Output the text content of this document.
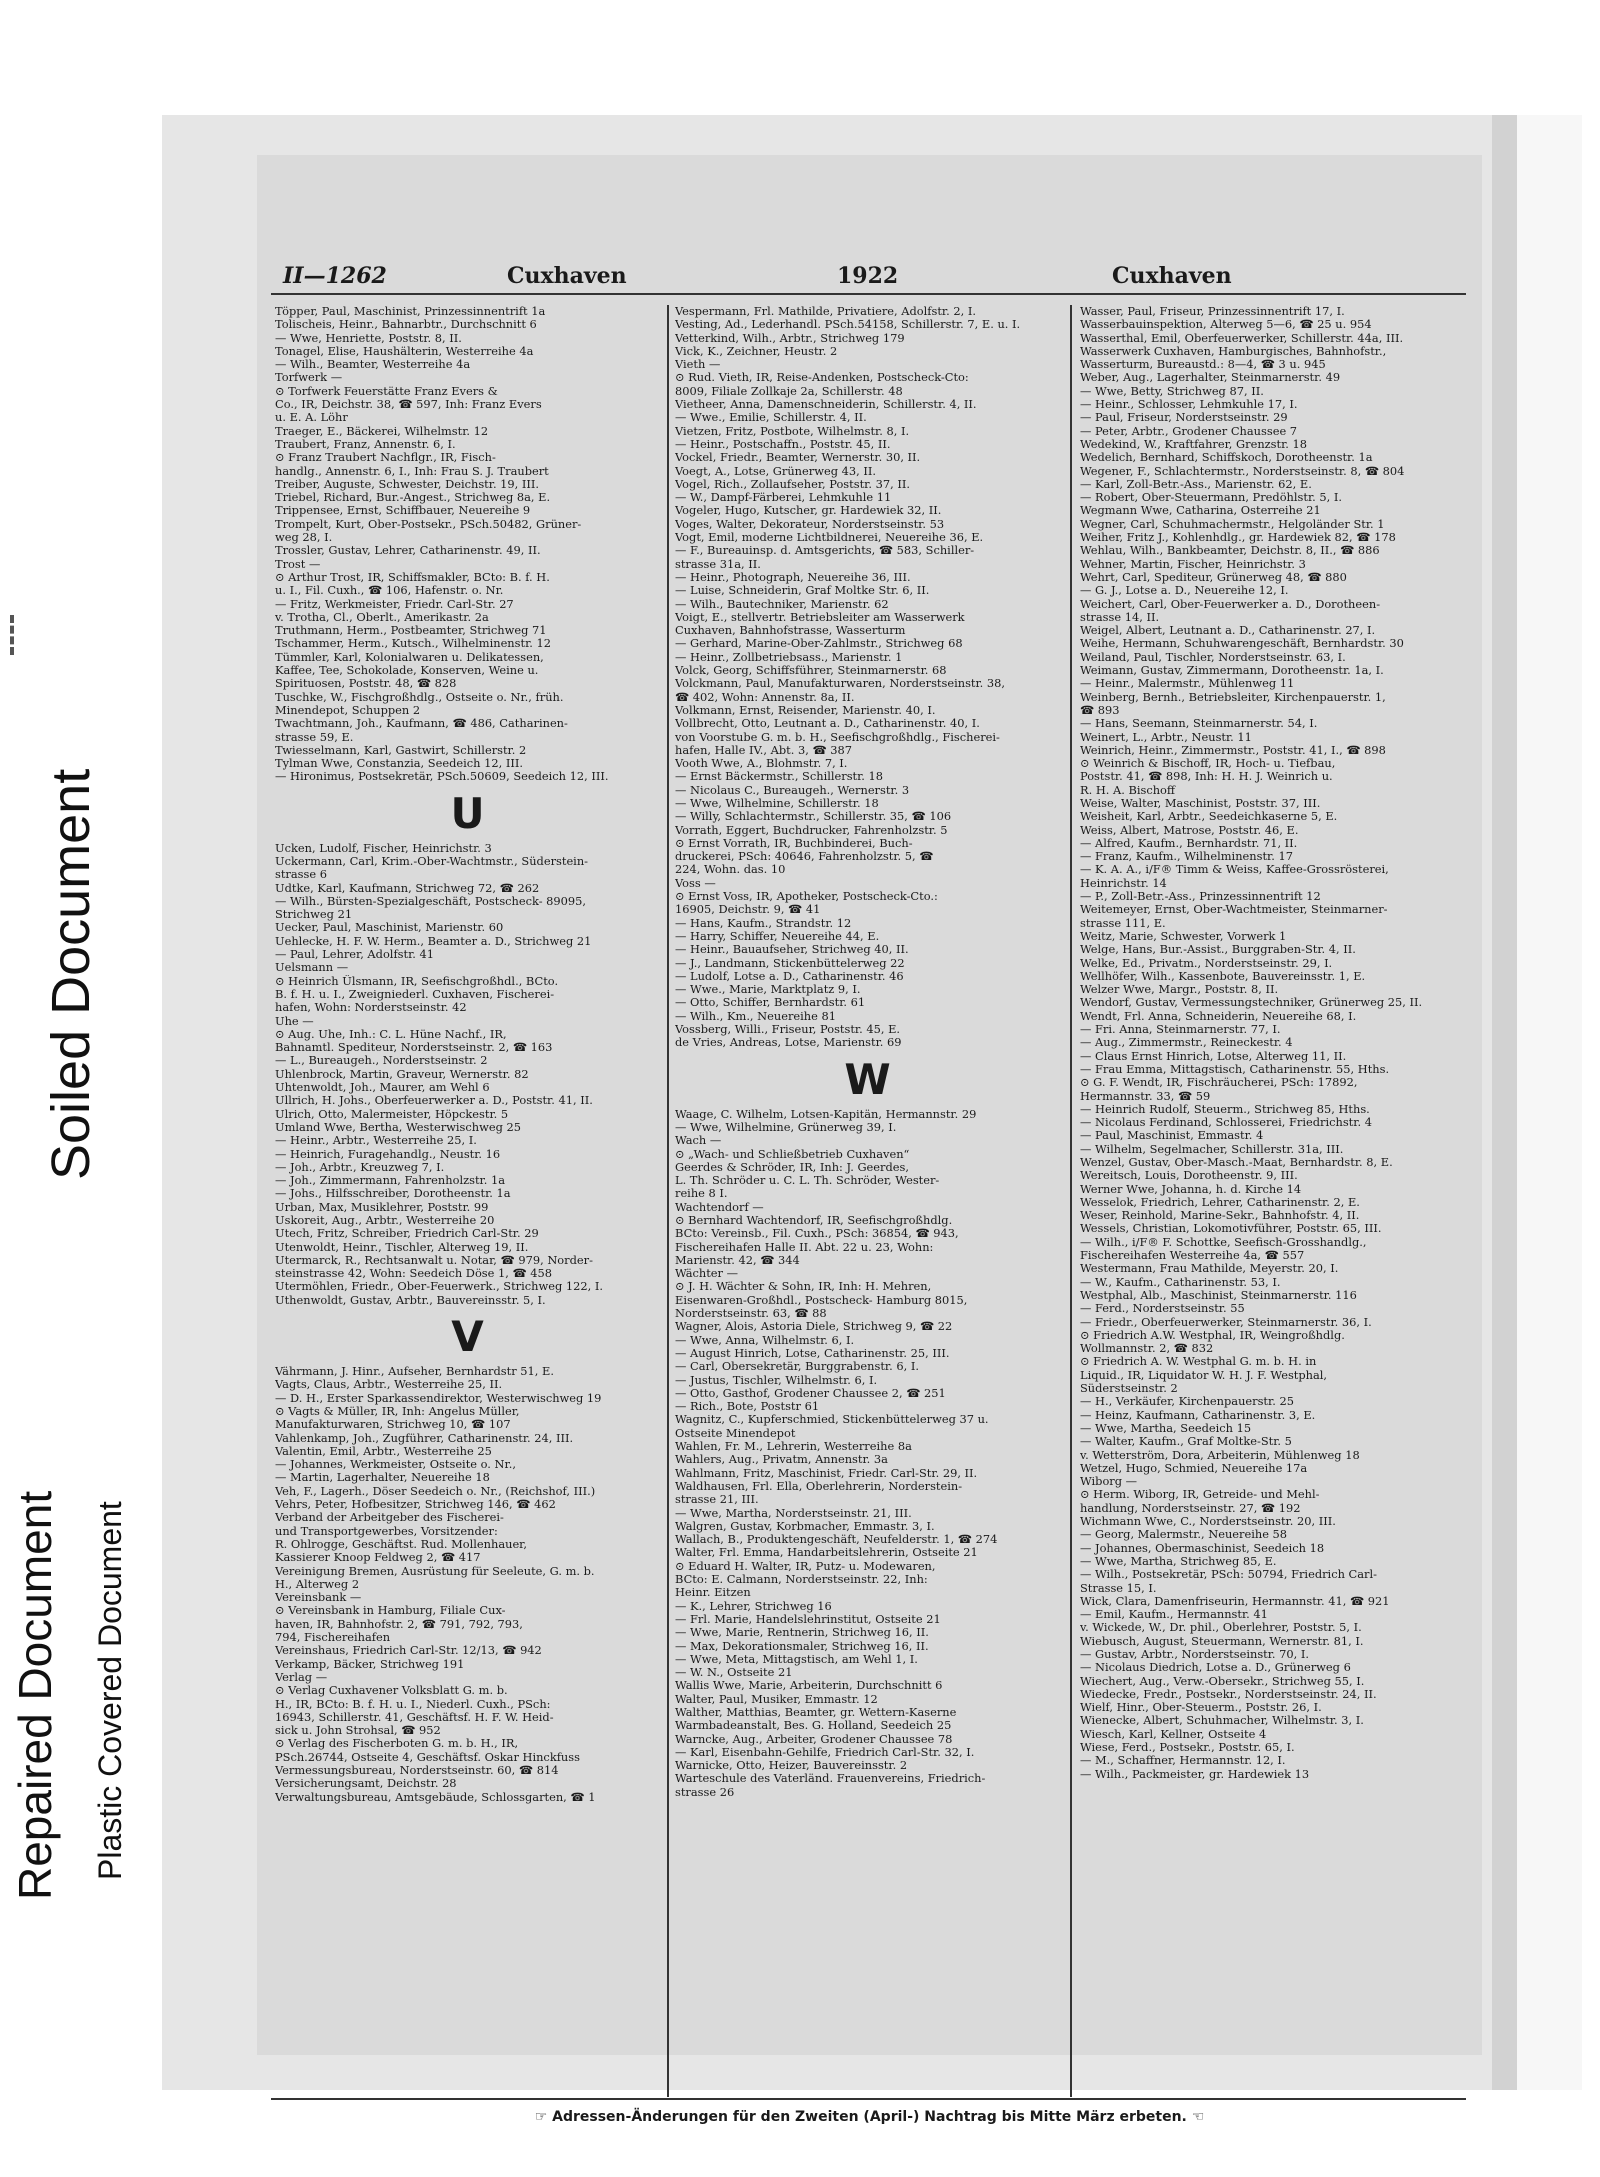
Repaired Document Plastic Covered Document
Soiled Document
II—1262	Cuxhaven	1922	Cuxhaven
Töpper, Paul, Maschinist, Prinzessinnentrift 1a
Tolischeis, Heinr., Bahnarbtr., Durchschnitt 6
— Wwe, Henriette, Poststr. 8, II.
Tonagel, Elise, Haushälterin, Westerreihe 4a
— Wilh., Beamter, Westerreihe 4a
Torfwerk —
⊙ Torfwerk Feuerstätte Franz Evers &
Co., IR, Deichstr. 38, ☎ 597, Inh: Franz Evers
u. E. A. Löhr
Traeger, E., Bäckerei, Wilhelmstr. 12
Traubert, Franz, Annenstr. 6, I.
⊙ Franz Traubert Nachflgr., IR, Fisch-
handlg., Annenstr. 6, I., Inh: Frau S. J. Traubert
Treiber, Auguste, Schwester, Deichstr. 19, III.
Triebel, Richard, Bur.-Angest., Strichweg 8a, E.
Trippensee, Ernst, Schiffbauer, Neuereihe 9
Trompelt, Kurt, Ober-Postsekr., PSch.50482, Grüner-
weg 28, I.
Trossler, Gustav, Lehrer, Catharinenstr. 49, II.
Trost —
⊙ Arthur Trost, IR, Schiffsmakler, BCto: B. f. H.
u. I., Fil. Cuxh., ☎ 106, Hafenstr. o. Nr.
— Fritz, Werkmeister, Friedr. Carl-Str. 27
v. Trotha, Cl., Oberlt., Amerikastr. 2a
Truthmann, Herm., Postbeamter, Strichweg 71
Tschammer, Herm., Kutsch., Wilhelminenstr. 12
Tümmler, Karl, Kolonialwaren u. Delikatessen,
Kaffee, Tee, Schokolade, Konserven, Weine u.
Spirituosen, Poststr. 48, ☎ 828
Tuschke, W., Fischgroßhdlg., Ostseite o. Nr., früh.
Minendepot, Schuppen 2
Twachtmann, Joh., Kaufmann, ☎ 486, Catharinen-
strasse 59, E.
Twiesselmann, Karl, Gastwirt, Schillerstr. 2
Tylman Wwe, Constanzia, Seedeich 12, III.
— Hironimus, Postsekretär, PSch.50609, Seedeich 12, III.
U
Ucken, Ludolf, Fischer, Heinrichstr. 3
Uckermann, Carl, Krim.-Ober-Wachtmstr., Süderstein-
strasse 6
Udtke, Karl, Kaufmann, Strichweg 72, ☎ 262
— Wilh., Bürsten-Spezialgeschäft, Postscheck- 89095,
Strichweg 21
Uecker, Paul, Maschinist, Marienstr. 60
Uehlecke, H. F. W. Herm., Beamter a. D., Strichweg 21
— Paul, Lehrer, Adolfstr. 41
Uelsmann —
⊙ Heinrich Ülsmann, IR, Seefischgroßhdl., BCto.
B. f. H. u. I., Zweigniederl. Cuxhaven, Fischerei-
hafen, Wohn: Norderstseinstr. 42
Uhe —
⊙ Aug. Uhe, Inh.: C. L. Hüne Nachf., IR,
Bahnamtl. Spediteur, Norderstseinstr. 2, ☎ 163
— L., Bureaugeh., Norderstseinstr. 2
Uhlenbrock, Martin, Graveur, Wernerstr. 82
Uhtenwoldt, Joh., Maurer, am Wehl 6
Ullrich, H. Johs., Oberfeuerwerker a. D., Poststr. 41, II.
Ulrich, Otto, Malermeister, Höpckestr. 5
Umland Wwe, Bertha, Westerwischweg 25
— Heinr., Arbtr., Westerreihe 25, I.
— Heinrich, Furagehandlg., Neustr. 16
— Joh., Arbtr., Kreuzweg 7, I.
— Joh., Zimmermann, Fahrenholzstr. 1a
— Johs., Hilfsschreiber, Dorotheenstr. 1a
Urban, Max, Musiklehrer, Poststr. 99
Uskoreit, Aug., Arbtr., Westerreihe 20
Utech, Fritz, Schreiber, Friedrich Carl-Str. 29
Utenwoldt, Heinr., Tischler, Alterweg 19, II.
Utermarck, R., Rechtsanwalt u. Notar, ☎ 979, Norder-
steinstrasse 42, Wohn: Seedeich Döse 1, ☎ 458
Utermöhlen, Friedr., Ober-Feuerwerk., Strichweg 122, I.
Uthenwoldt, Gustav, Arbtr., Bauvereinsstr. 5, I.
V
Vährmann, J. Hinr., Aufseher, Bernhardstr 51, E.
Vagts, Claus, Arbtr., Westerreihe 25, II.
— D. H., Erster Sparkassendirektor, Westerwischweg 19
⊙ Vagts & Müller, IR, Inh: Angelus Müller,
Manufakturwaren, Strichweg 10, ☎ 107
Vahlenkamp, Joh., Zugführer, Catharinenstr. 24, III.
Valentin, Emil, Arbtr., Westerreihe 25
— Johannes, Werkmeister, Ostseite o. Nr.,
— Martin, Lagerhalter, Neuereihe 18
Veh, F., Lagerh., Döser Seedeich o. Nr., (Reichshof, III.)
Vehrs, Peter, Hofbesitzer, Strichweg 146, ☎ 462
Verband der Arbeitgeber des Fischerei-
und Transportgewerbes, Vorsitzender:
R. Ohlrogge, Geschäftst. Rud. Mollenhauer,
Kassierer Knoop Feldweg 2, ☎ 417
Vereinigung Bremen, Ausrüstung für Seeleute, G. m. b.
H., Alterweg 2
Vereinsbank —
⊙ Vereinsbank in Hamburg, Filiale Cux-
haven, IR, Bahnhofstr. 2, ☎ 791, 792, 793,
794, Fischereihafen
Vereinshaus, Friedrich Carl-Str. 12/13, ☎ 942
Verkamp, Bäcker, Strichweg 191
Verlag —
⊙ Verlag Cuxhavener Volksblatt G. m. b.
H., IR, BCto: B. f. H. u. I., Niederl. Cuxh., PSch:
16943, Schillerstr. 41, Geschäftsf. H. F. W. Heid-
sick u. John Strohsal, ☎ 952
⊙ Verlag des Fischerboten G. m. b. H., IR,
PSch.26744, Ostseite 4, Geschäftsf. Oskar Hinckfuss
Vermessungsbureau, Norderstseinstr. 60, ☎ 814
Versicherungsamt, Deichstr. 28
Verwaltungsbureau, Amtsgebäude, Schlossgarten, ☎ 1
Vespermann, Frl. Mathilde, Privatiere, Adolfstr. 2, I.
Vesting, Ad., Lederhandl. PSch.54158, Schillerstr. 7, E. u. I.
Vetterkind, Wilh., Arbtr., Strichweg 179
Vick, K., Zeichner, Heustr. 2
Vieth —
⊙ Rud. Vieth, IR, Reise-Andenken, Postscheck-Cto:
8009, Filiale Zollkaje 2a, Schillerstr. 48
Vietheer, Anna, Damenschneiderin, Schillerstr. 4, II.
— Wwe., Emilie, Schillerstr. 4, II.
Vietzen, Fritz, Postbote, Wilhelmstr. 8, I.
— Heinr., Postschaffn., Poststr. 45, II.
Vockel, Friedr., Beamter, Wernerstr. 30, II.
Voegt, A., Lotse, Grünerweg 43, II.
Vogel, Rich., Zollaufseher, Poststr. 37, II.
— W., Dampf-Färberei, Lehmkuhle 11
Vogeler, Hugo, Kutscher, gr. Hardewiek 32, II.
Voges, Walter, Dekorateur, Norderstseinstr. 53
Vogt, Emil, moderne Lichtbildnerei, Neuereihe 36, E.
— F., Bureauinsp. d. Amtsgerichts, ☎ 583, Schiller-
strasse 31a, II.
— Heinr., Photograph, Neuereihe 36, III.
— Luise, Schneiderin, Graf Moltke Str. 6, II.
— Wilh., Bautechniker, Marienstr. 62
Voigt, E., stellvertr. Betriebsleiter am Wasserwerk
Cuxhaven, Bahnhofstrasse, Wasserturm
— Gerhard, Marine-Ober-Zahlmstr., Strichweg 68
— Heinr., Zollbetriebsass., Marienstr. 1
Volck, Georg, Schiffsführer, Steinmarnerstr. 68
Volckmann, Paul, Manufakturwaren, Norderstseinstr. 38,
☎ 402, Wohn: Annenstr. 8a, II.
Volkmann, Ernst, Reisender, Marienstr. 40, I.
Vollbrecht, Otto, Leutnant a. D., Catharinenstr. 40, I.
von Voorstube G. m. b. H., Seefischgroßhdlg., Fischerei-
hafen, Halle IV., Abt. 3, ☎ 387
Vooth Wwe, A., Blohmstr. 7, I.
— Ernst Bäckermstr., Schillerstr. 18
— Nicolaus C., Bureaugeh., Wernerstr. 3
— Wwe, Wilhelmine, Schillerstr. 18
— Willy, Schlachtermstr., Schillerstr. 35, ☎ 106
Vorrath, Eggert, Buchdrucker, Fahrenholzstr. 5
⊙ Ernst Vorrath, IR, Buchbinderei, Buch-
druckerei, PSch: 40646, Fahrenholzstr. 5, ☎
224, Wohn. das. 10
Voss —
⊙ Ernst Voss, IR, Apotheker, Postscheck-Cto.:
16905, Deichstr. 9, ☎ 41
— Hans, Kaufm., Strandstr. 12
— Harry, Schiffer, Neuereihe 44, E.
— Heinr., Bauaufseher, Strichweg 40, II.
— J., Landmann, Stickenbüttelerweg 22
— Ludolf, Lotse a. D., Catharinenstr. 46
— Wwe., Marie, Marktplatz 9, I.
— Otto, Schiffer, Bernhardstr. 61
— Wilh., Km., Neuereihe 81
Vossberg, Willi., Friseur, Poststr. 45, E.
de Vries, Andreas, Lotse, Marienstr. 69
W
Waage, C. Wilhelm, Lotsen-Kapitän, Hermannstr. 29
— Wwe, Wilhelmine, Grünerweg 39, I.
Wach —
⊙ „Wach- und Schließbetrieb Cuxhaven“
Geerdes & Schröder, IR, Inh: J. Geerdes,
L. Th. Schröder u. C. L. Th. Schröder, Wester-
reihe 8 I.
Wachtendorf —
⊙ Bernhard Wachtendorf, IR, Seefischgroßhdlg.
BCto: Vereinsb., Fil. Cuxh., PSch: 36854, ☎ 943,
Fischereihafen Halle II. Abt. 22 u. 23, Wohn:
Marienstr. 42, ☎ 344
Wächter —
⊙ J. H. Wächter & Sohn, IR, Inh: H. Mehren,
Eisenwaren-Großhdl., Postscheck- Hamburg 8015,
Norderstseinstr. 63, ☎ 88
Wagner, Alois, Astoria Diele, Strichweg 9, ☎ 22
— Wwe, Anna, Wilhelmstr. 6, I.
— August Hinrich, Lotse, Catharinenstr. 25, III.
— Carl, Obersekretär, Burggrabenstr. 6, I.
— Justus, Tischler, Wilhelmstr. 6, I.
— Otto, Gasthof, Grodener Chaussee 2, ☎ 251
— Rich., Bote, Poststr 61
Wagnitz, C., Kupferschmied, Stickenbüttelerweg 37 u.
Ostseite Minendepot
Wahlen, Fr. M., Lehrerin, Westerreihe 8a
Wahlers, Aug., Privatm, Annenstr. 3a
Wahlmann, Fritz, Maschinist, Friedr. Carl-Str. 29, II.
Waldhausen, Frl. Ella, Oberlehrerin, Norderstein-
strasse 21, III.
— Wwe, Martha, Norderstseinstr. 21, III.
Walgren, Gustav, Korbmacher, Emmastr. 3, I.
Wallach, B., Produktengeschäft, Neufelderstr. 1, ☎ 274
Walter, Frl. Emma, Handarbeitslehrerin, Ostseite 21
⊙ Eduard H. Walter, IR, Putz- u. Modewaren,
BCto: E. Calmann, Norderstseinstr. 22, Inh:
Heinr. Eitzen
— K., Lehrer, Strichweg 16
— Frl. Marie, Handelslehrinstitut, Ostseite 21
— Wwe, Marie, Rentnerin, Strichweg 16, II.
— Max, Dekorationsmaler, Strichweg 16, II.
— Wwe, Meta, Mittagstisch, am Wehl 1, I.
— W. N., Ostseite 21
Wallis Wwe, Marie, Arbeiterin, Durchschnitt 6
Walter, Paul, Musiker, Emmastr. 12
Walther, Matthias, Beamter, gr. Wettern-Kaserne
Warmbadeanstalt, Bes. G. Holland, Seedeich 25
Warncke, Aug., Arbeiter, Grodener Chaussee 78
— Karl, Eisenbahn-Gehilfe, Friedrich Carl-Str. 32, I.
Warnicke, Otto, Heizer, Bauvereinsstr. 2
Warteschule des Vaterländ. Frauenvereins, Friedrich-
strasse 26
Wasser, Paul, Friseur, Prinzessinnentrift 17, I.
Wasserbauinspektion, Alterweg 5—6, ☎ 25 u. 954
Wasserthal, Emil, Oberfeuerwerker, Schillerstr. 44a, III.
Wasserwerk Cuxhaven, Hamburgisches, Bahnhofstr.,
Wasserturm, Bureaustd.: 8—4, ☎ 3 u. 945
Weber, Aug., Lagerhalter, Steinmarnerstr. 49
— Wwe, Betty, Strichweg 87, II.
— Heinr., Schlosser, Lehmkuhle 17, I.
— Paul, Friseur, Norderstseinstr. 29
— Peter, Arbtr., Grodener Chaussee 7
Wedekind, W., Kraftfahrer, Grenzstr. 18
Wedelich, Bernhard, Schiffskoch, Dorotheenstr. 1a
Wegener, F., Schlachtermstr., Norderstseinstr. 8, ☎ 804
— Karl, Zoll-Betr.-Ass., Marienstr. 62, E.
— Robert, Ober-Steuermann, Predöhlstr. 5, I.
Wegmann Wwe, Catharina, Osterreihe 21
Wegner, Carl, Schuhmachermstr., Helgoländer Str. 1
Weiher, Fritz J., Kohlenhdlg., gr. Hardewiek 82, ☎ 178
Wehlau, Wilh., Bankbeamter, Deichstr. 8, II., ☎ 886
Wehner, Martin, Fischer, Heinrichstr. 3
Wehrt, Carl, Spediteur, Grünerweg 48, ☎ 880
— G. J., Lotse a. D., Neuereihe 12, I.
Weichert, Carl, Ober-Feuerwerker a. D., Dorotheen-
strasse 14, II.
Weigel, Albert, Leutnant a. D., Catharinenstr. 27, I.
Weihe, Hermann, Schuhwarengeschäft, Bernhardstr. 30
Weiland, Paul, Tischler, Norderstseinstr. 63, I.
Weimann, Gustav, Zimmermann, Dorotheenstr. 1a, I.
— Heinr., Malermstr., Mühlenweg 11
Weinberg, Bernh., Betriebsleiter, Kirchenpauerstr. 1,
☎ 893
— Hans, Seemann, Steinmarnerstr. 54, I.
Weinert, L., Arbtr., Neustr. 11
Weinrich, Heinr., Zimmermstr., Poststr. 41, I., ☎ 898
⊙ Weinrich & Bischoff, IR, Hoch- u. Tiefbau,
Poststr. 41, ☎ 898, Inh: H. H. J. Weinrich u.
R. H. A. Bischoff
Weise, Walter, Maschinist, Poststr. 37, III.
Weisheit, Karl, Arbtr., Seedeichkaserne 5, E.
Weiss, Albert, Matrose, Poststr. 46, E.
— Alfred, Kaufm., Bernhardstr. 71, II.
— Franz, Kaufm., Wilhelminenstr. 17
— K. A. A., i/F® Timm & Weiss, Kaffee-Grossrösterei,
Heinrichstr. 14
— P., Zoll-Betr.-Ass., Prinzessinnentrift 12
Weitemeyer, Ernst, Ober-Wachtmeister, Steinmarner-
strasse 111, E.
Weitz, Marie, Schwester, Vorwerk 1
Welge, Hans, Bur.-Assist., Burggraben-Str. 4, II.
Welke, Ed., Privatm., Norderstseinstr. 29, I.
Wellhöfer, Wilh., Kassenbote, Bauvereinsstr. 1, E.
Welzer Wwe, Margr., Poststr. 8, II.
Wendorf, Gustav, Vermessungstechniker, Grünerweg 25, II.
Wendt, Frl. Anna, Schneiderin, Neuereihe 68, I.
— Fri. Anna, Steinmarnerstr. 77, I.
— Aug., Zimmermstr., Reineckestr. 4
— Claus Ernst Hinrich, Lotse, Alterweg 11, II.
— Frau Emma, Mittagstisch, Catharinenstr. 55, Hths.
⊙ G. F. Wendt, IR, Fischräucherei, PSch: 17892,
Hermannstr. 33, ☎ 59
— Heinrich Rudolf, Steuerm., Strichweg 85, Hths.
— Nicolaus Ferdinand, Schlosserei, Friedrichstr. 4
— Paul, Maschinist, Emmastr. 4
— Wilhelm, Segelmacher, Schillerstr. 31a, III.
Wenzel, Gustav, Ober-Masch.-Maat, Bernhardstr. 8, E.
Wereitsch, Louis, Dorotheenstr. 9, III.
Werner Wwe, Johanna, h. d. Kirche 14
Wesselok, Friedrich, Lehrer, Catharinenstr. 2, E.
Weser, Reinhold, Marine-Sekr., Bahnhofstr. 4, II.
Wessels, Christian, Lokomotivführer, Poststr. 65, III.
— Wilh., i/F® F. Schottke, Seefisch-Grosshandlg.,
Fischereihafen Westerreihe 4a, ☎ 557
Westermann, Frau Mathilde, Meyerstr. 20, I.
— W., Kaufm., Catharinenstr. 53, I.
Westphal, Alb., Maschinist, Steinmarnerstr. 116
— Ferd., Norderstseinstr. 55
— Friedr., Oberfeuerwerker, Steinmarnerstr. 36, I.
⊙ Friedrich A.W. Westphal, IR, Weingroßhdlg.
Wollmannstr. 2, ☎ 832
⊙ Friedrich A. W. Westphal G. m. b. H. in
Liquid., IR, Liquidator W. H. J. F. Westphal,
Süderstseinstr. 2
— H., Verkäufer, Kirchenpauerstr. 25
— Heinz, Kaufmann, Catharinenstr. 3, E.
— Wwe, Martha, Seedeich 15
— Walter, Kaufm., Graf Moltke-Str. 5
v. Wetterström, Dora, Arbeiterin, Mühlenweg 18
Wetzel, Hugo, Schmied, Neuereihe 17a
Wiborg —
⊙ Herm. Wiborg, IR, Getreide- und Mehl-
handlung, Norderstseinstr. 27, ☎ 192
Wichmann Wwe, C., Norderstseinstr. 20, III.
— Georg, Malermstr., Neuereihe 58
— Johannes, Obermaschinist, Seedeich 18
— Wwe, Martha, Strichweg 85, E.
— Wilh., Postsekretär, PSch: 50794, Friedrich Carl-
Strasse 15, I.
Wick, Clara, Damenfriseurin, Hermannstr. 41, ☎ 921
— Emil, Kaufm., Hermannstr. 41
v. Wickede, W., Dr. phil., Oberlehrer, Poststr. 5, I.
Wiebusch, August, Steuermann, Wernerstr. 81, I.
— Gustav, Arbtr., Norderstseinstr. 70, I.
— Nicolaus Diedrich, Lotse a. D., Grünerweg 6
Wiechert, Aug., Verw.-Obersekr., Strichweg 55, I.
Wiedecke, Fredr., Postsekr., Norderstseinstr. 24, II.
Wielf, Hinr., Ober-Steuerm., Poststr. 26, I.
Wienecke, Albert, Schuhmacher, Wilhelmstr. 3, I.
Wiesch, Karl, Kellner, Ostseite 4
Wiese, Ferd., Postsekr., Poststr. 65, I.
— M., Schaffner, Hermannstr. 12, I.
— Wilh., Packmeister, gr. Hardewiek 13
☞ Adressen-Änderungen für den Zweiten (April-) Nachtrag bis Mitte März erbeten. ☜
